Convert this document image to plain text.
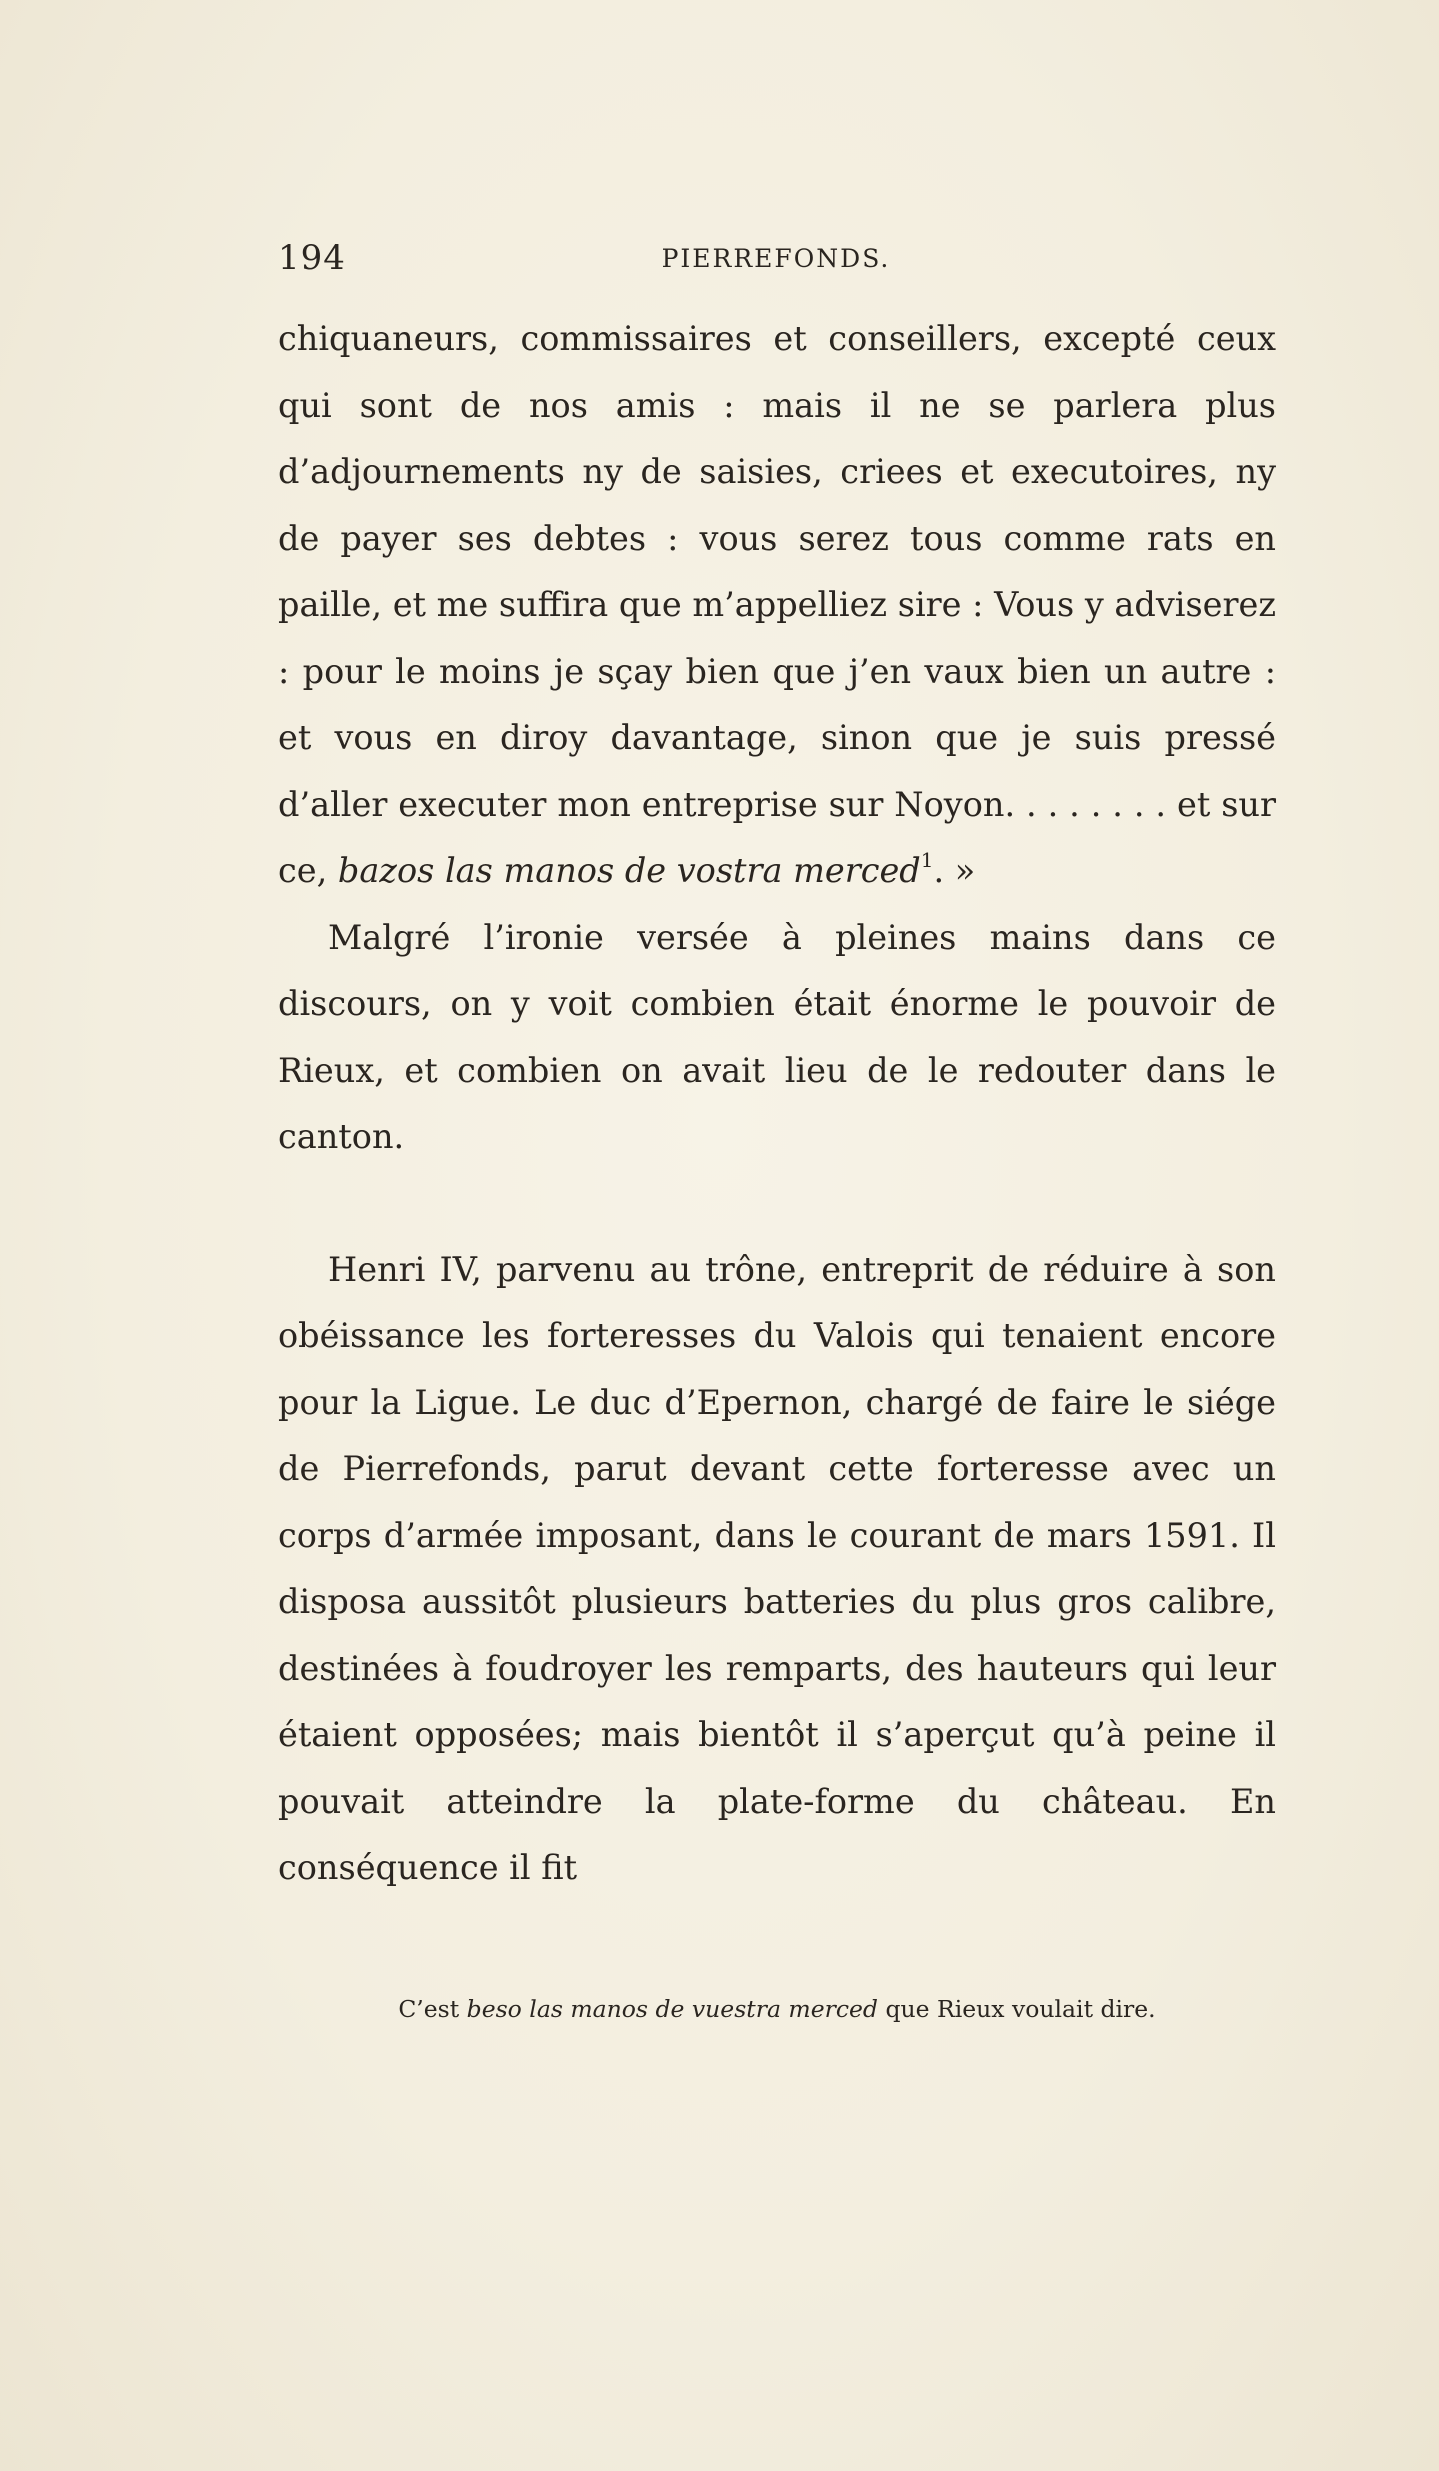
194	PIERREFONDS.

chiquaneurs, commissaires et conseillers, excepté ceux qui sont de nos amis : mais il ne se parlera plus d’adjournements ny de saisies, criees et executoires, ny de payer ses debtes : vous serez tous comme rats en paille, et me suffira que m’appelliez sire : Vous y adviserez : pour le moins je sçay bien que j’en vaux bien un autre : et vous en diroy davantage, sinon que je suis pressé d’aller executer mon entreprise sur Noyon. . . . . . . . et sur ce, bazos las manos de vostra merced$^1$. »

Malgré l’ironie versée à pleines mains dans ce discours, on y voit combien était énorme le pouvoir de Rieux, et combien on avait lieu de le redouter dans le canton.

Henri IV, parvenu au trône, entreprit de réduire à son obéissance les forteresses du Valois qui tenaient encore pour la Ligue. Le duc d’Epernon, chargé de faire le siége de Pierrefonds, parut devant cette forteresse avec un corps d’armée imposant, dans le courant de mars 1591. Il disposa aussitôt plusieurs batteries du plus gros calibre, destinées à foudroyer les remparts, des hauteurs qui leur étaient opposées; mais bientôt il s’aperçut qu’à peine il pouvait atteindre la plate-forme du château. En conséquence il fit

C’est beso las manos de vuestra merced que Rieux voulait dire.
